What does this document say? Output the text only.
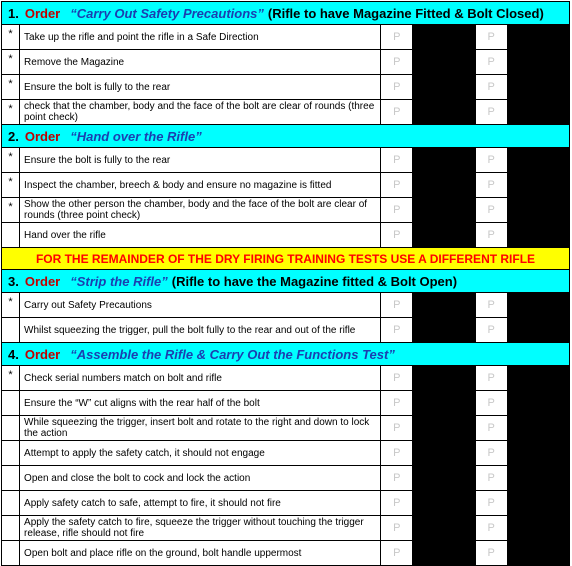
1. Order “Carry Out Safety Precautions” (Rifle to have Magazine Fitted & Bolt Closed)					
*	Take up the rifle and point the rifle in a Safe Direction	P		P	
*	Remove the Magazine	P		P	
*	Ensure the bolt is fully to the rear	P		P	
*	check that the chamber, body and the face of the bolt are clear of rounds (three point check)	P		P	
2. Order “Hand over the Rifle”					
*	Ensure the bolt is fully to the rear	P		P	
*	Inspect the chamber, breech & body and ensure no magazine is fitted	P		P	
*	Show the other person the chamber, body and the face of the bolt are clear of rounds (three point check)	P		P	
	Hand over the rifle	P		P	
FOR THE REMAINDER OF THE DRY FIRING TRAINING TESTS USE A DIFFERENT RIFLE					
3. Order “Strip the Rifle” (Rifle to have the Magazine fitted & Bolt Open)					
*	Carry out Safety Precautions	P		P	
	Whilst squeezing the trigger, pull the bolt fully to the rear and out of the rifle	P		P	
4. Order “Assemble the Rifle & Carry Out the Functions Test”					
*	Check serial numbers match on bolt and rifle	P		P	
	Ensure the “W” cut aligns with the rear half of the bolt	P		P	
	While squeezing the trigger, insert bolt and rotate to the right and down to lock the action	P		P	
	Attempt to apply the safety catch, it should not engage	P		P	
	Open and close the bolt to cock and lock the action	P		P	
	Apply safety catch to safe, attempt to fire, it should not fire	P		P	
	Apply the safety catch to fire, squeeze the trigger without touching the trigger release, rifle should not fire	P		P	
	Open bolt and place rifle on the ground, bolt handle uppermost	P		P	
